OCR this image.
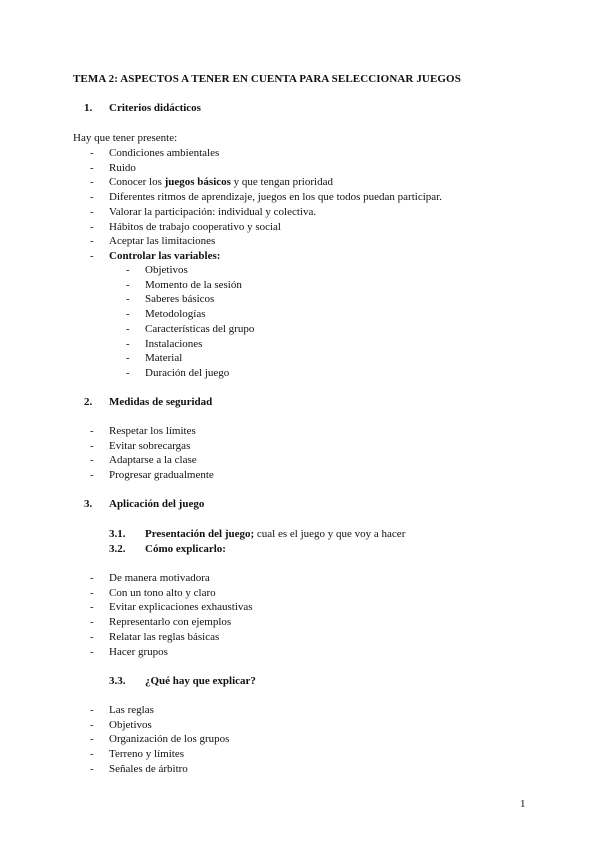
TEMA 2: ASPECTOS A TENER EN CUENTA PARA SELECCIONAR JUEGOS
1. Criterios didácticos
Hay que tener presente:
- Condiciones ambientales
- Ruido
- Conocer los juegos básicos y que tengan prioridad
- Diferentes ritmos de aprendizaje, juegos en los que todos puedan participar.
- Valorar la participación: individual y colectiva.
- Hábitos de trabajo cooperativo y social
- Aceptar las limitaciones
- Controlar las variables:
- Objetivos
- Momento de la sesión
- Saberes básicos
- Metodologías
- Características del grupo
- Instalaciones
- Material
- Duración del juego
2. Medidas de seguridad
- Respetar los límites
- Evitar sobrecargas
- Adaptarse a la clase
- Progresar gradualmente
3. Aplicación del juego
3.1. Presentación del juego; cual es el juego y que voy a hacer
3.2. Cómo explicarlo:
- De manera motivadora
- Con un tono alto y claro
- Evitar explicaciones exhaustivas
- Representarlo con ejemplos
- Relatar las reglas básicas
- Hacer grupos
3.3. ¿Qué hay que explicar?
- Las reglas
- Objetivos
- Organización de los grupos
- Terreno y límites
- Señales de árbitro
1
